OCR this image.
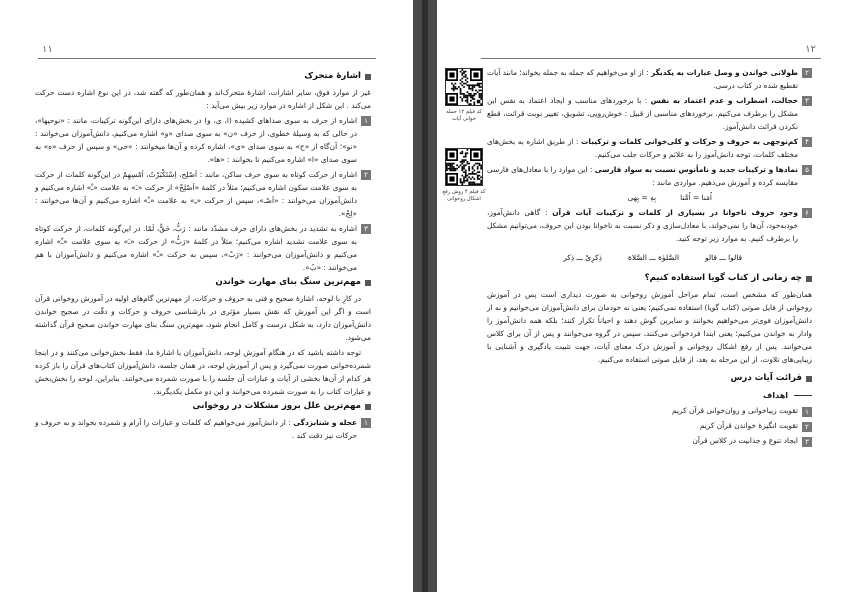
۱۱
اشارهٔ متحرک

غیر از موارد فوق، سایر اشارات، اشارهٔ متحرک‌اند و همان‌طور که گفته شد، در این نوع اشاره دست حرکت می‌کند . این شکل از اشاره در موارد زیر بیش می‌آید :

۱
اشاره از حرف به سوی صداهای کشیده (ا، ی، و) در بخش‌های دارای این‌گونه ترکیبات، مانند : «نوحیها»، در حالی که به وسیلهٔ خطوی، از حرف «ن» به سوی صدای «و» اشاره می‌کنیم، دانش‌آموزان می‌خوانند : «نو»؛ آن‌گاه از «ح» به سوی صدای «ی»، اشاره کرده و آن‌ها میخوانند : «حی» و سپس از حرف «ه» به سوی صدای «ا» اشاره می‌کنیم تا بخوانند : «ها».
۲
اشاره از حرکت کوتاه به سوی حرف ساکن، مانند : اَصْلِح، اِسْتَکْبَرْتُ، اَمْسِهِمْ در این‌گونه کلمات از حرکت به سوی علامت سکون اشاره می‌کنیم؛ مثلاً در کلمهٔ «اَصْلِحْ» از حرکت «ـَ» به علامت «ـْ» اشاره می‌کنیم و دانش‌آموزان می‌خوانند : «اَصْـ»، سپس از حرکت «ـِ» به علامت «ـْ» اشاره می‌کنیم و آن‌ها می‌خوانند : «لِحْ».
۳
اشاره به تشدید در بخش‌های دارای حرف مشدّد مانند : رَبُّ، حَقٌّ، لَمّا. در این‌گونه کلمات، از حرکت کوتاه به سوی علامت تشدید اشاره می‌کنیم؛ مثلاً در کلمهٔ «رَبُّ» از حرکت «ـَ» به سوی علامت «ـّ» اشاره می‌کنیم و دانش‌آموزان می‌خوانند : «رَبْ»، سپس به حرکت «ـُ» اشاره می‌کنیم و دانش‌آموزان با هم می‌خوانند : «بُ».
مهم‌ترین سنگ بنای مهارت خواندن

در کارِ با لوحه، اشارهٔ صحیح و فنی به حروف و حرکات، از مهم‌ترین گام‌های اولیه در آموزش روخوانی قرآن است و اگر این آموزش که نقش بسیار مؤثری در بازشناسی حروف و حرکات و دقّت در صحیح خواندن دانش‌آموزان دارد، به شکل درست و کامل انجام شود، مهم‌ترین سنگ بنای مهارت خواندن صحیح قرآن گذاشته می‌شود.

توجه داشته باشید که در هنگام آموزش لوحه، دانش‌آموزان با اشارهٔ ما، فقط بخش‌خوانی می‌کنند و در اینجا شمرده‌خوانی صورت نمی‌گیرد و پس از آموزش لوحه، در همان جلسه، دانش‌آموزان کتاب‌های قرآن را باز کرده هر کدام از آن‌ها بخشی از آیات و عبارات آن جلسه را با صورت شمرده می‌خوانند. بنابراین، لوحه را بخش‌بخش و عبارات کتاب را به صورت شمرده می‌خوانند و این دو مکمل یکدیگرند.

مهم‌ترین علل بروز مشکلات در روخوانی
۱
عجله و شتابزدگی : از دانش‌آموز می‌خواهیم که کلمات و عبارات را آرام و شمرده بخواند و به حروف و حرکات نیز دقت کند .
۱۲
کد فیلم ۱۲ جمله خوانی آیات
کد فیلم ۴ روش رفع اشکال روخوانی
۲
طولانی خواندن و وصل عبارات به یکدیگر : از او می‌خواهیم که جمله به جمله بخواند؛ مانند آیات تقطیع شده در کتاب درسی.
۳
خجالت، اضطراب و عدم اعتماد به نفس : با برخوردهای مناسب و ایجاد اعتماد به نفس این مشکل را برطرف می‌کنیم. برخوردهای مناسبی از قبیل : خوش‌رویی، تشویق، تغییر نوبت قرائت، قطع نکردن قرائت دانش‌آموز.
۴
کم‌توجهی به حروف و حرکات و کلی‌خوانی کلمات و ترکیبات : از طریق اشاره به بخش‌های مختلف کلمات، توجه دانش‌آموز را به علائم و حرکات جلب می‌کنیم.
۵
نماد‌ها و ترکیبات جدید و نامأنوس نسبت به سواد فارسی : این موارد را با معادل‌های فارسی مقایسه کرده و آموزش می‌دهیم. مواردی مانند :
اُمَنا = اُمَّنا
بِهِ = بِهی
۶
وجود حروف ناخوانا در بسیاری از کلمات و ترکیبات آیات قرآن : گاهی دانش‌آموز، خودبه‌خود، آن‌ها را نمی‌خواند، با معادل‌سازی و ذکر نسبت به ناخوانا بودن این حروف، می‌توانیم مشکل را برطرف کنیم. به موارد زیر توجه کنید.
قالوا ـــ قالو
الصَّلوٰة ـــ الصَّلاة
ذِکرِیْ ـــ ذِکر
چه زمانی از کتاب گویا استفاده کنیم؟

همان‌طور که مشخص است، تمام مراحل آموزش روخوانی به صورت دیداری است پس در آموزش روخوانی از فایل صوتی (کتاب گویا) استفاده نمی‌کنیم؛ یعنی نه خودمان برای دانش‌آموزان می‌خوانیم و نه از دانش‌آموزان فوی‌تر می‌خواهیم بخوانند و سایرین گوش دهند و احیاناً تکرار کنند؛ بلکه همه دانش‌آموز را وادار به خواندن می‌کنیم؛ یعنی ابتدا فردخوانی می‌کنند، سپس در گروه می‌خوانند و پس از آن برای کلاس می‌خوانند. پس از رفع اشکال روخوانی و آموزش درک معنای آیات، جهت تثبیت یادگیری و آشنایی با زیبایی‌های تلاوت، از این مرحله به بعد، از فایل صوتی استفاده می‌کنیم.

قرائت آیات درس
اهداف
۱
تقویت زیباخوانی و روان‌خوانی قرآن کریم
۲
تقویت انگیزهٔ خواندن قرآن کریم
۳
ایجاد تنوع و جذابیت در کلاس قرآن
